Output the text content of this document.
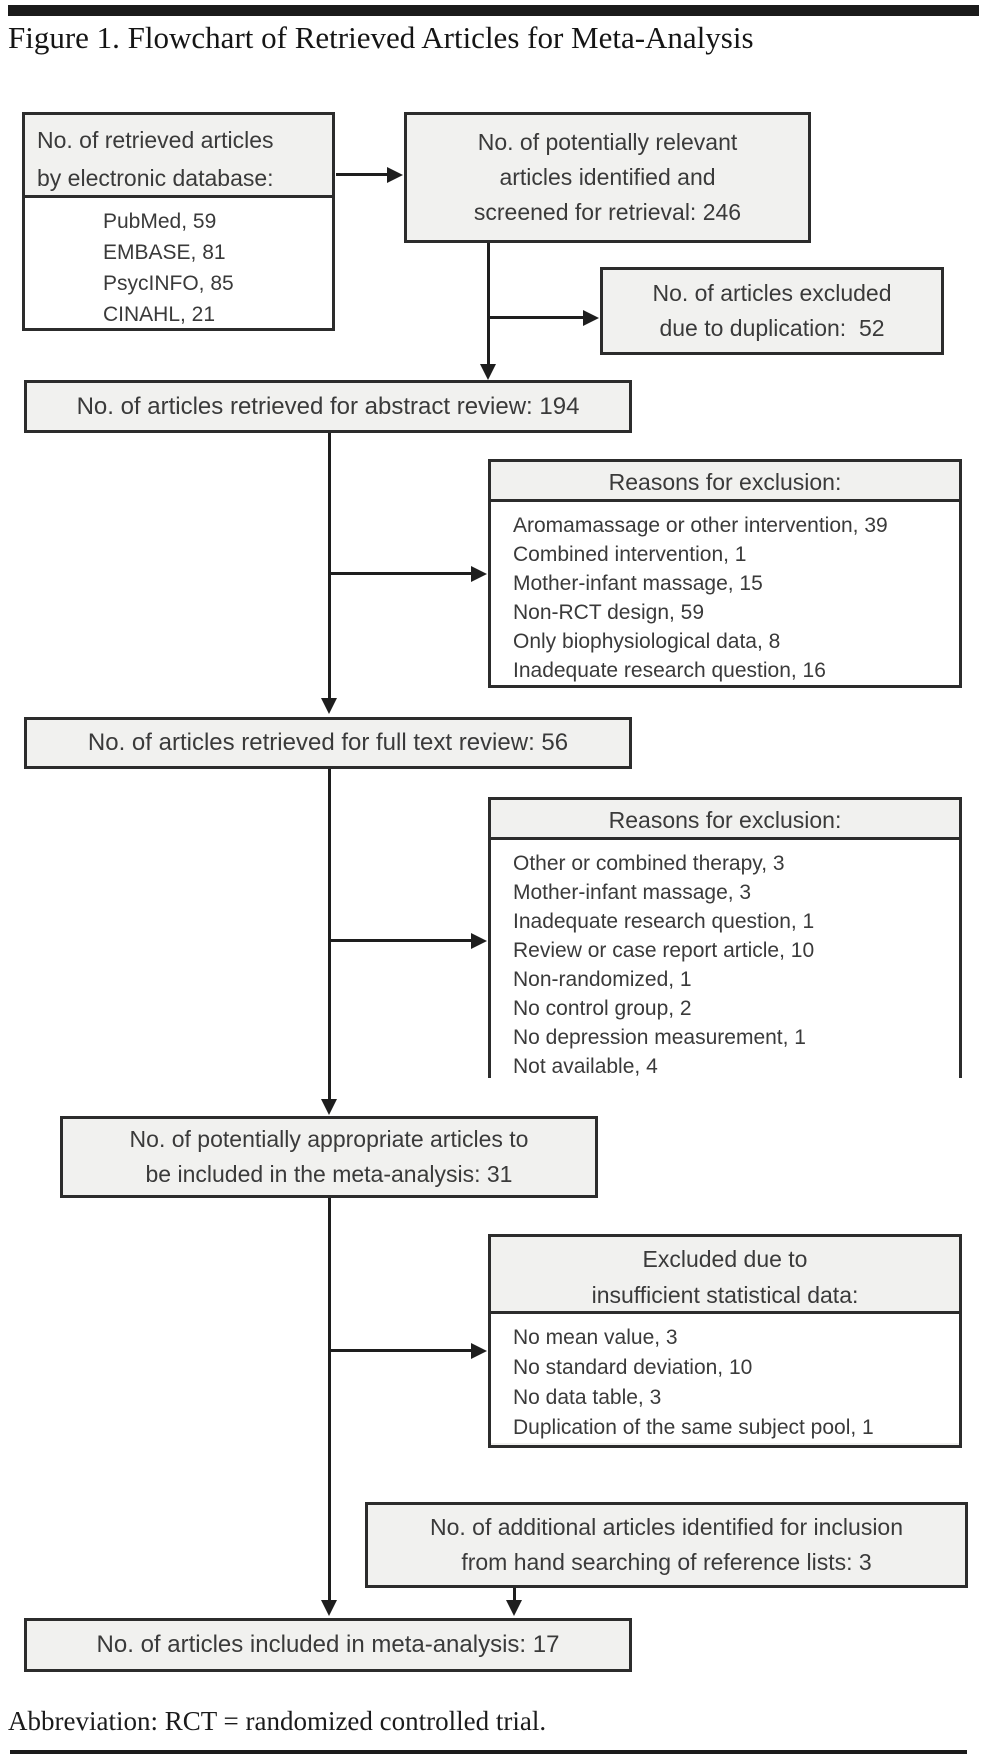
Figure 1. Flowchart of Retrieved Articles for Meta-Analysis
No. of retrieved articles
by electronic database:
PubMed, 59
EMBASE, 81
PsycINFO, 85
CINAHL, 21
No. of potentially relevant
articles identified and
screened for retrieval: 246
No. of articles excluded
due to duplication:  52
No. of articles retrieved for abstract review: 194
Reasons for exclusion:
Aromamassage or other intervention, 39
Combined intervention, 1
Mother-infant massage, 15
Non-RCT design, 59
Only biophysiological data, 8
Inadequate research question, 16
No. of articles retrieved for full text review: 56
Reasons for exclusion:
Other or combined therapy, 3
Mother-infant massage, 3
Inadequate research question, 1
Review or case report article, 10
Non-randomized, 1
No control group, 2
No depression measurement, 1
Not available, 4
No. of potentially appropriate articles to
be included in the meta-analysis: 31
Excluded due to
insufficient statistical data:
No mean value, 3
No standard deviation, 10
No data table, 3
Duplication of the same subject pool, 1
No. of additional articles identified for inclusion
from hand searching of reference lists: 3
No. of articles included in meta-analysis: 17
Abbreviation: RCT = randomized controlled trial.
